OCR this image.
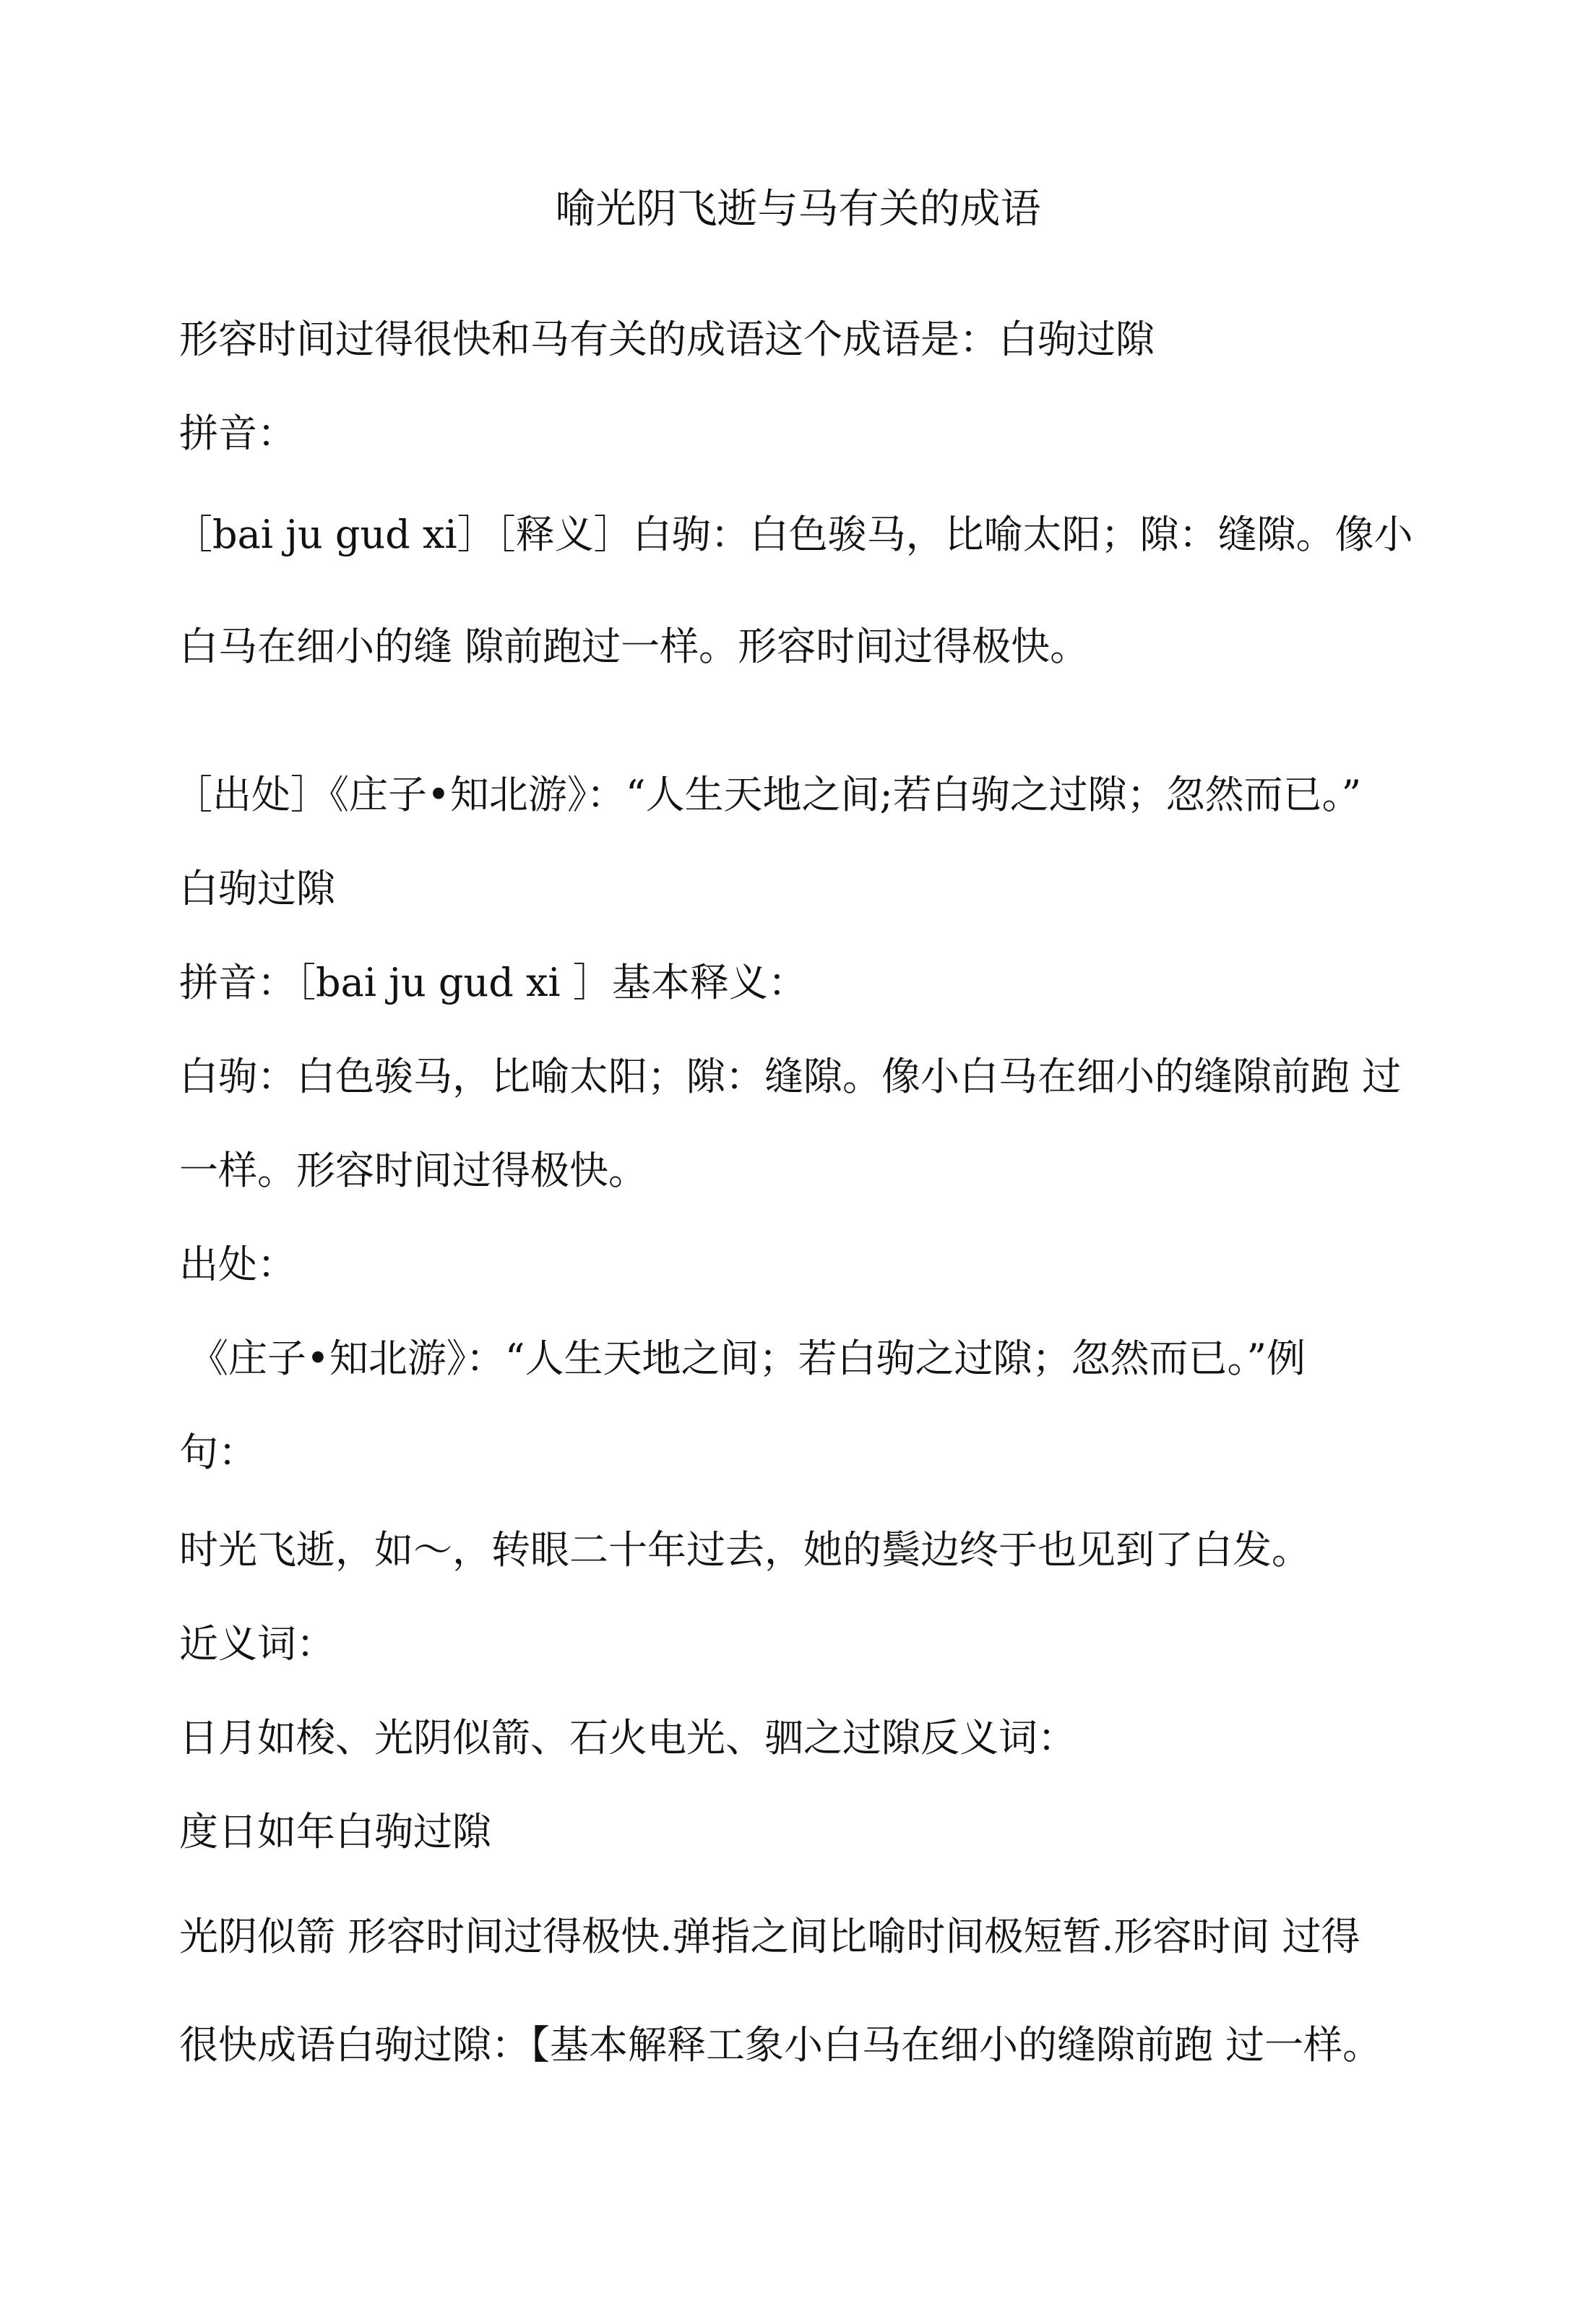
喻光阴飞逝与马有关的成语
形容时间过得很快和马有关的成语这个成语是：白驹过隙
拼音：
［bai ju gud xi］［释义］白驹：白色骏马，比喻太阳；隙：缝隙。像小
白马在细小的缝 隙前跑过一样。形容时间过得极快。
［出处］《庄子•知北游》：“人生天地之间;若白驹之过隙；忽然而已。”
白驹过隙
拼音：［bai ju gud xi ］基本释义：
白驹：白色骏马，比喻太阳；隙：缝隙。像小白马在细小的缝隙前跑 过
一样。形容时间过得极快。
出处：
《庄子•知北游》：“人生天地之间；若白驹之过隙；忽然而已。”例
句：
时光飞逝，如〜，转眼二十年过去，她的鬓边终于也见到了白发。
近义词：
日月如梭、光阴似箭、石火电光、驷之过隙反义词：
度日如年白驹过隙
光阴似箭 形容时间过得极快.弹指之间比喻时间极短暂.形容时间 过得
很快成语白驹过隙：【基本解释工象小白马在细小的缝隙前跑 过一样。
